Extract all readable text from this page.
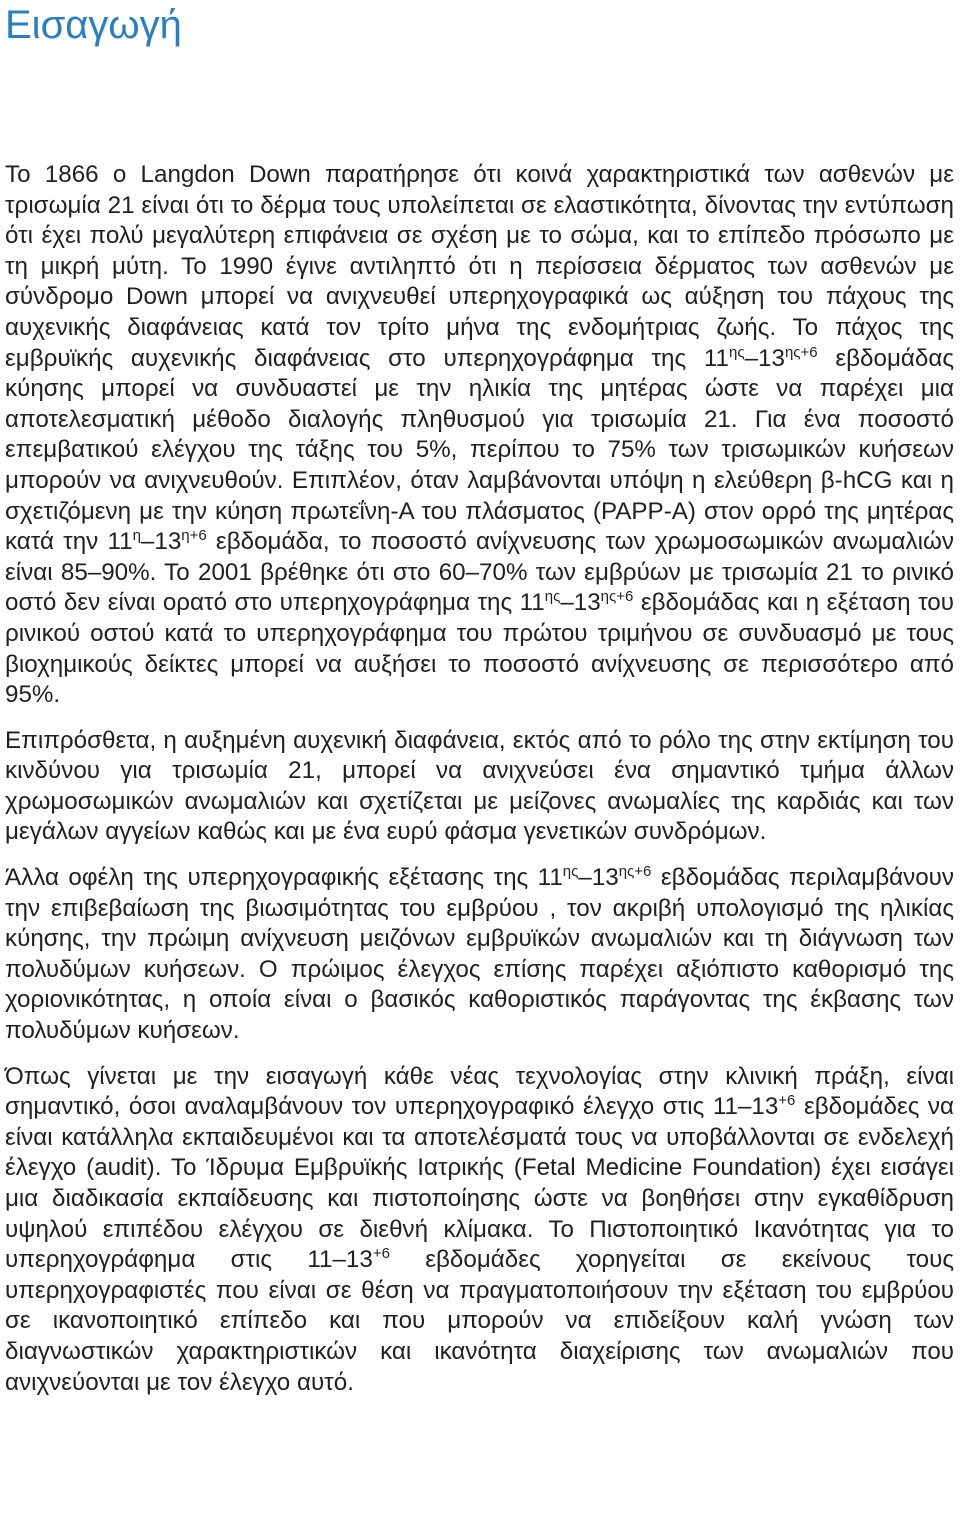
Εισαγωγή

Το 1866 ο Langdon Down παρατήρησε ότι κοινά χαρακτηριστικά των ασθενών με τρισωμία 21 είναι ότι το δέρμα τους υπολείπεται σε ελαστικότητα, δίνοντας την εντύπωση ότι έχει πολύ μεγαλύτερη επιφάνεια σε σχέση με το σώμα, και το επίπεδο πρόσωπο με τη μικρή μύτη. Το 1990 έγινε αντιληπτό ότι η περίσσεια δέρματος των ασθενών με σύνδρομο Down μπορεί να ανιχνευθεί υπερηχογραφικά ως αύξηση του πάχους της αυχενικής διαφάνειας κατά τον τρίτο μήνα της ενδομήτριας ζωής. Το πάχος της εμβρυϊκής αυχενικής διαφάνειας στο υπερηχογράφημα της $11^{\eta\varsigma}-13^{\eta\varsigma+6}$ εβδομάδας κύησης μπορεί να συνδυαστεί με την ηλικία της μητέρας ώστε να παρέχει μια αποτελεσματική μέθοδο διαλογής πληθυσμού για τρισωμία 21. Για ένα ποσοστό επεμβατικού ελέγχου της τάξης του 5%, περίπου το 75% των τρισωμικών κυήσεων μπορούν να ανιχνευθούν. Επιπλέον, όταν λαμβάνονται υπόψη η ελεύθερη β-hCG και η σχετιζόμενη με την κύηση πρωτεΐνη-Α του πλάσματος (PAPP-A) στον ορρό της μητέρας κατά την $11^\eta-13^{\eta+6}$ εβδομάδα, το ποσοστό ανίχνευσης των χρωμοσωμικών ανωμαλιών είναι 85–90%. Το 2001 βρέθηκε ότι στο 60–70% των εμβρύων με τρισωμία 21 το ρινικό οστό δεν είναι ορατό στο υπερηχογράφημα της $11^{\eta\varsigma}-13^{\eta\varsigma+6}$ εβδομάδας και η εξέταση του ρινικού οστού κατά το υπερηχογράφημα του πρώτου τριμήνου σε συνδυασμό με τους βιοχημικούς δείκτες μπορεί να αυξήσει το ποσοστό ανίχνευσης σε περισσότερο από 95%.

Επιπρόσθετα, η αυξημένη αυχενική διαφάνεια, εκτός από το ρόλο της στην εκτίμηση του κινδύνου για τρισωμία 21, μπορεί να ανιχνεύσει ένα σημαντικό τμήμα άλλων χρωμοσωμικών ανωμαλιών και σχετίζεται με μείζονες ανωμαλίες της καρδιάς και των μεγάλων αγγείων καθώς και με ένα ευρύ φάσμα γενετικών συνδρόμων.

Άλλα οφέλη της υπερηχογραφικής εξέτασης της $11^{\eta\varsigma}-13^{\eta\varsigma+6}$ εβδομάδας περιλαμβάνουν την επιβεβαίωση της βιωσιμότητας του εμβρύου , τον ακριβή υπολογισμό της ηλικίας κύησης, την πρώιμη ανίχνευση μειζόνων εμβρυϊκών ανωμαλιών και τη διάγνωση των πολυδύμων κυήσεων. Ο πρώιμος έλεγχος επίσης παρέχει αξιόπιστο καθορισμό της χοριονικότητας, η οποία είναι ο βασικός καθοριστικός παράγοντας της έκβασης των πολυδύμων κυήσεων.

Όπως γίνεται με την εισαγωγή κάθε νέας τεχνολογίας στην κλινική πράξη, είναι σημαντικό, όσοι αναλαμβάνουν τον υπερηχογραφικό έλεγχο στις $11-13^{+6}$ εβδομάδες να είναι κατάλληλα εκπαιδευμένοι και τα αποτελέσματά τους να υποβάλλονται σε ενδελεχή έλεγχο (audit). Το Ίδρυμα Εμβρυϊκής Ιατρικής (Fetal Medicine Foundation) έχει εισάγει μια διαδικασία εκπαίδευσης και πιστοποίησης ώστε να βοηθήσει στην εγκαθίδρυση υψηλού επιπέδου ελέγχου σε διεθνή κλίμακα. Το Πιστοποιητικό Ικανότητας για το υπερηχογράφημα στις $11-13^{+6}$ εβδομάδες χορηγείται σε εκείνους τους υπερηχογραφιστές που είναι σε θέση να πραγματοποιήσουν την εξέταση του εμβρύου σε ικανοποιητικό επίπεδο και που μπορούν να επιδείξουν καλή γνώση των διαγνωστικών χαρακτηριστικών και ικανότητα διαχείρισης των ανωμαλιών που ανιχνεύονται με τον έλεγχο αυτό.
